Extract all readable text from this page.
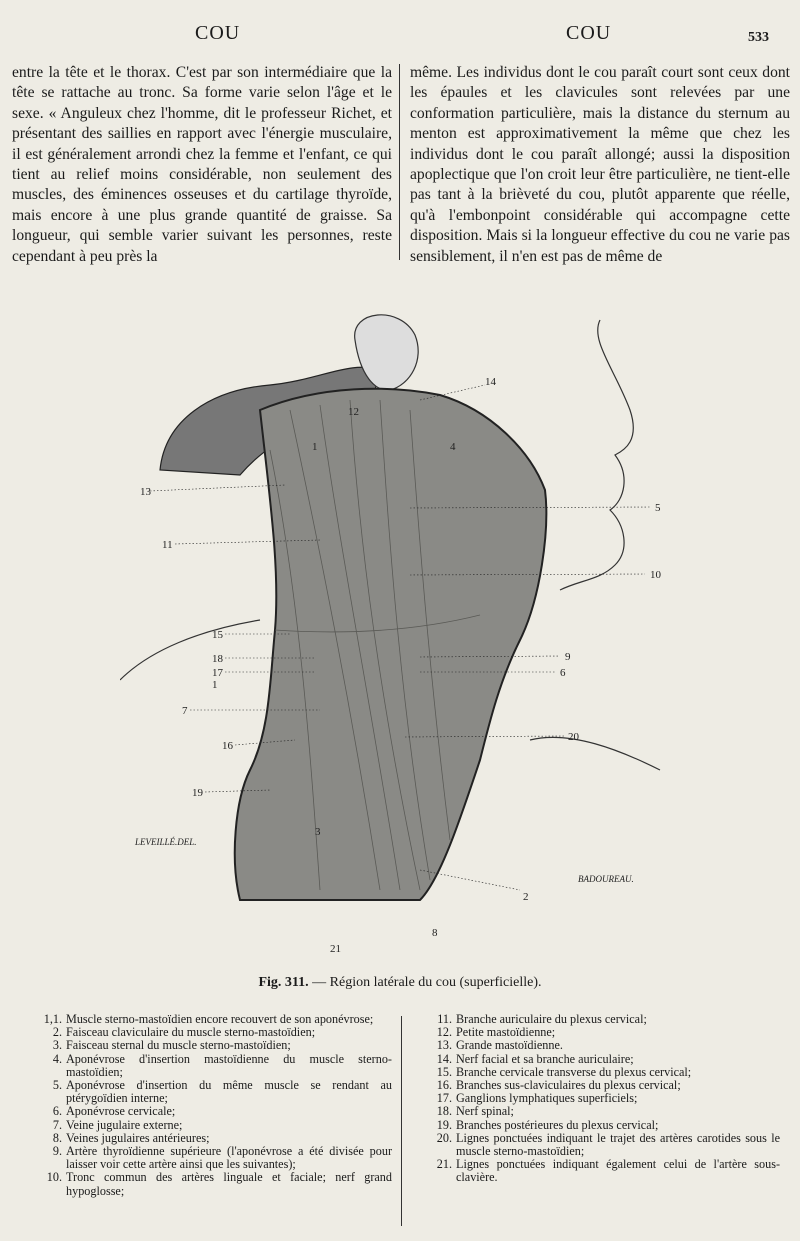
COU	COU	533
entre la tête et le thorax. C'est par son intermédiaire que la tête se rattache au tronc. Sa forme varie selon l'âge et le sexe. « Anguleux chez l'homme, dit le professeur Richet, et présentant des saillies en rapport avec l'énergie musculaire, il est généralement arrondi chez la femme et l'enfant, ce qui tient au relief moins considérable, non seulement des muscles, des éminences osseuses et du cartilage thyroïde, mais encore à une plus grande quantité de graisse. Sa longueur, qui semble varier suivant les personnes, reste cependant à peu près la
même. Les individus dont le cou paraît court sont ceux dont les épaules et les clavicules sont relevées par une conformation particulière, mais la distance du sternum au menton est approximativement la même que chez les individus dont le cou paraît allongé; aussi la disposition apoplectique que l'on croit leur être particulière, ne tient-elle pas tant à la brièveté du cou, plutôt apparente que réelle, qu'à l'embonpoint considérable qui accompagne cette disposition. Mais si la longueur effective du cou ne varie pas sensiblement, il n'en est pas de même de
13
11
15
18
17
1
7
16
19
1
12
14
4
5
10
9
6
20
3
2
8
21
LEVEILLÉ.DEL.
BADOUREAU.
Fig. 311. — Région latérale du cou (superficielle).
1,1. Muscle sterno-mastoïdien encore recouvert de son aponévrose;
2. Faisceau claviculaire du muscle sterno-mastoïdien;
3. Faisceau sternal du muscle sterno-mastoïdien;
4. Aponévrose d'insertion mastoïdienne du muscle sterno-mastoïdien;
5. Aponévrose d'insertion du même muscle se rendant au ptérygoïdien interne;
6. Aponévrose cervicale;
7. Veine jugulaire externe;
8. Veines jugulaires antérieures;
9. Artère thyroïdienne supérieure (l'aponévrose a été divisée pour laisser voir cette artère ainsi que les suivantes);
10. Tronc commun des artères linguale et faciale; nerf grand hypoglosse;
11. Branche auriculaire du plexus cervical;
12. Petite mastoïdienne;
13. Grande mastoïdienne.
14. Nerf facial et sa branche auriculaire;
15. Branche cervicale transverse du plexus cervical;
16. Branches sus-claviculaires du plexus cervical;
17. Ganglions lymphatiques superficiels;
18. Nerf spinal;
19. Branches postérieures du plexus cervical;
20. Lignes ponctuées indiquant le trajet des artères carotides sous le muscle sterno-mastoïdien;
21. Lignes ponctuées indiquant également celui de l'artère sous-clavière.
